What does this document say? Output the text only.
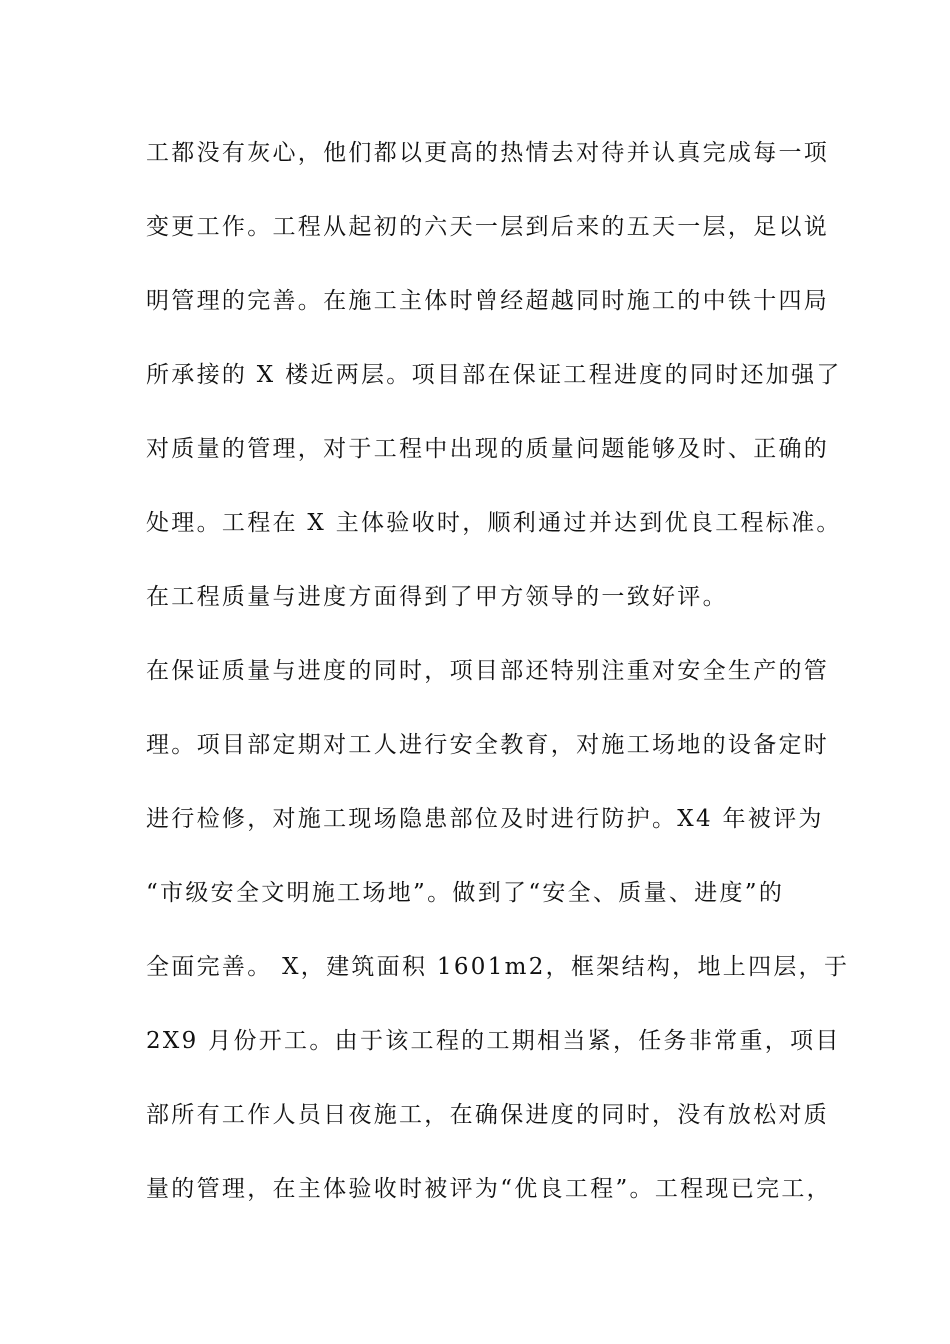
工都没有灰心，他们都以更高的热情去对待并认真完成每一项
变更工作。工程从起初的六天一层到后来的五天一层，足以说
明管理的完善。在施工主体时曾经超越同时施工的中铁十四局
所承接的 X 楼近两层。项目部在保证工程进度的同时还加强了
对质量的管理，对于工程中出现的质量问题能够及时、正确的
处理。工程在 X 主体验收时，顺利通过并达到优良工程标准。
在工程质量与进度方面得到了甲方领导的一致好评。
在保证质量与进度的同时，项目部还特别注重对安全生产的管
理。项目部定期对工人进行安全教育，对施工场地的设备定时
进行检修，对施工现场隐患部位及时进行防护。X4 年被评为
“市级安全文明施工场地”。做到了“安全、质量、进度”的
全面完善。 X，建筑面积 1601m2，框架结构，地上四层，于
2X9 月份开工。由于该工程的工期相当紧，任务非常重，项目
部所有工作人员日夜施工，在确保进度的同时，没有放松对质
量的管理，在主体验收时被评为“优良工程”。工程现已完工，
